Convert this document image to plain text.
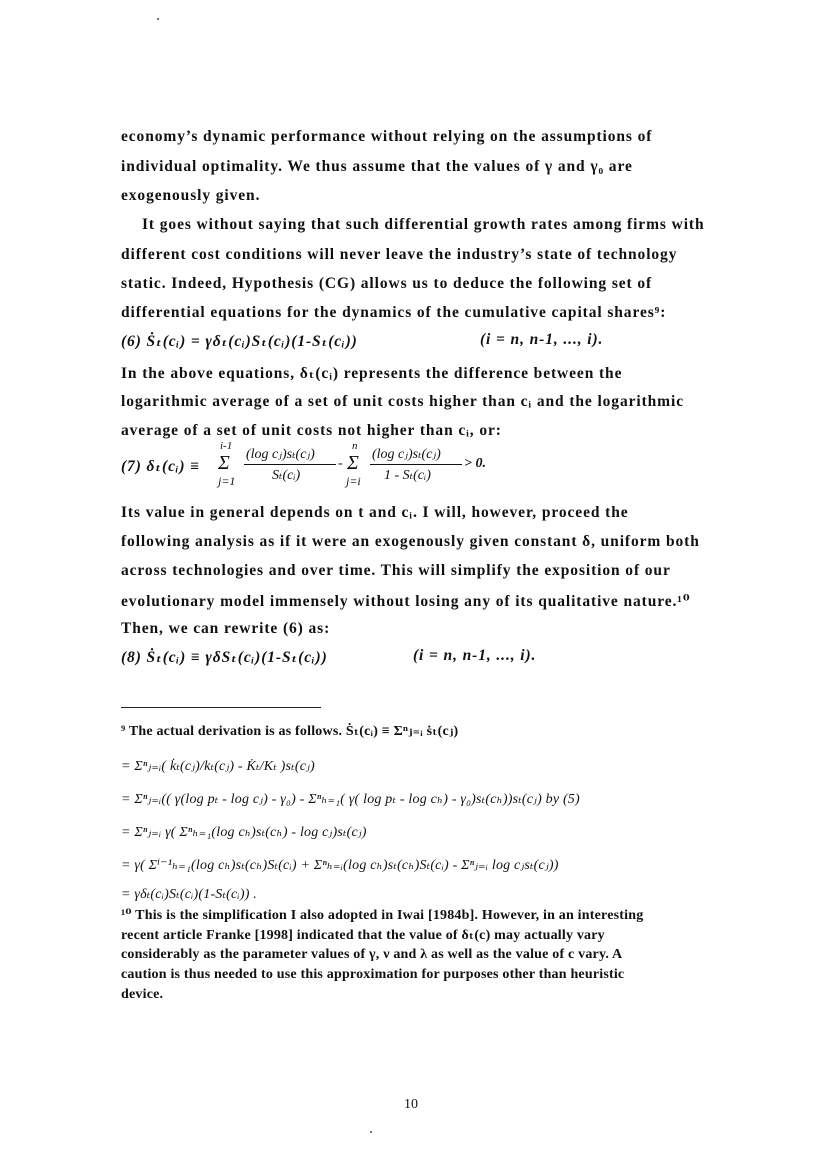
economy’s dynamic performance without relying on the assumptions of
individual optimality. We thus assume that the values of γ and γ₀ are
exogenously given.
It goes without saying that such differential growth rates among firms with
different cost conditions will never leave the industry’s state of technology
static. Indeed, Hypothesis (CG) allows us to deduce the following set of
differential equations for the dynamics of the cumulative capital shares⁹:
(6) Ṡₜ(cᵢ) = γδₜ(cᵢ)Sₜ(cᵢ)(1-Sₜ(cᵢ))	(i = n, n-1, ..., i).
In the above equations, δₜ(cᵢ) represents the difference between the
logarithmic average of a set of unit costs higher than cᵢ and the logarithmic
average of a set of unit costs not higher than cᵢ, or:
(7) δₜ(cᵢ) ≡
i-1
Σ
j=1
(log cⱼ)sₜ(cⱼ)
Sₜ(cᵢ)
-
n
Σ
j=i
(log cⱼ)sₜ(cⱼ)
1 - Sₜ(cᵢ)
> 0.
Its value in general depends on t and cᵢ. I will, however, proceed the
following analysis as if it were an exogenously given constant δ, uniform both
across technologies and over time. This will simplify the exposition of our
evolutionary model immensely without losing any of its qualitative nature.¹⁰
Then, we can rewrite (6) as:
(8) Ṡₜ(cᵢ) ≡ γδSₜ(cᵢ)(1-Sₜ(cᵢ))	(i = n, n-1, ..., i).
⁹ The actual derivation is as follows. Ṡₜ(cᵢ) ≡ Σⁿⱼ₌ᵢ ṡₜ(cⱼ)
= Σⁿⱼ₌ᵢ( k̇ₜ(cⱼ)/kₜ(cⱼ) - K̇ₜ/Kₜ )sₜ(cⱼ)
= Σⁿⱼ₌ᵢ(( γ(log pₜ - log cⱼ) - γ₀) - Σⁿₕ₌₁( γ( log pₜ - log cₕ) - γ₀)sₜ(cₕ))sₜ(cⱼ) by (5)
= Σⁿⱼ₌ᵢ γ( Σⁿₕ₌₁(log cₕ)sₜ(cₕ) - log cⱼ)sₜ(cⱼ)
= γ( Σⁱ⁻¹ₕ₌₁(log cₕ)sₜ(cₕ)Sₜ(cᵢ) + Σⁿₕ₌ᵢ(log cₕ)sₜ(cₕ)Sₜ(cᵢ) - Σⁿⱼ₌ᵢ log cⱼsₜ(cⱼ))
= γδₜ(cᵢ)Sₜ(cᵢ)(1-Sₜ(cᵢ)) .
¹⁰ This is the simplification I also adopted in Iwai [1984b]. However, in an interesting
recent article Franke [1998] indicated that the value of δₜ(c) may actually vary
considerably as the parameter values of γ, ν and λ as well as the value of c vary. A
caution is thus needed to use this approximation for purposes other than heuristic
device.
10
